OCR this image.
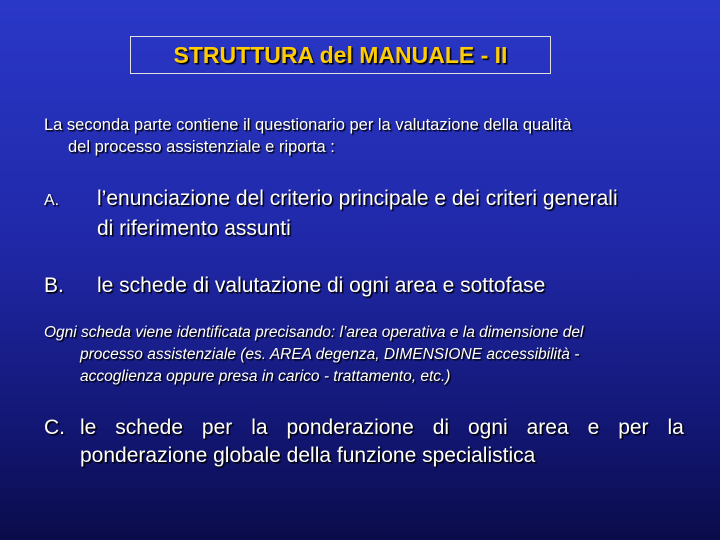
STRUTTURA del MANUALE - II
La seconda parte contiene il questionario per la valutazione della qualità
del processo assistenziale e riporta :
A. l’enunciazione del criterio principale e dei criteri generali
di riferimento assunti
B. le schede di valutazione di ogni area e sottofase
Ogni scheda viene identificata precisando: l’area operativa e la dimensione del
processo assistenziale (es. AREA degenza, DIMENSIONE accessibilità -
accoglienza oppure presa in carico - trattamento, etc.)
C. le schede per la ponderazione di ogni area e per la
ponderazione globale della funzione specialistica
